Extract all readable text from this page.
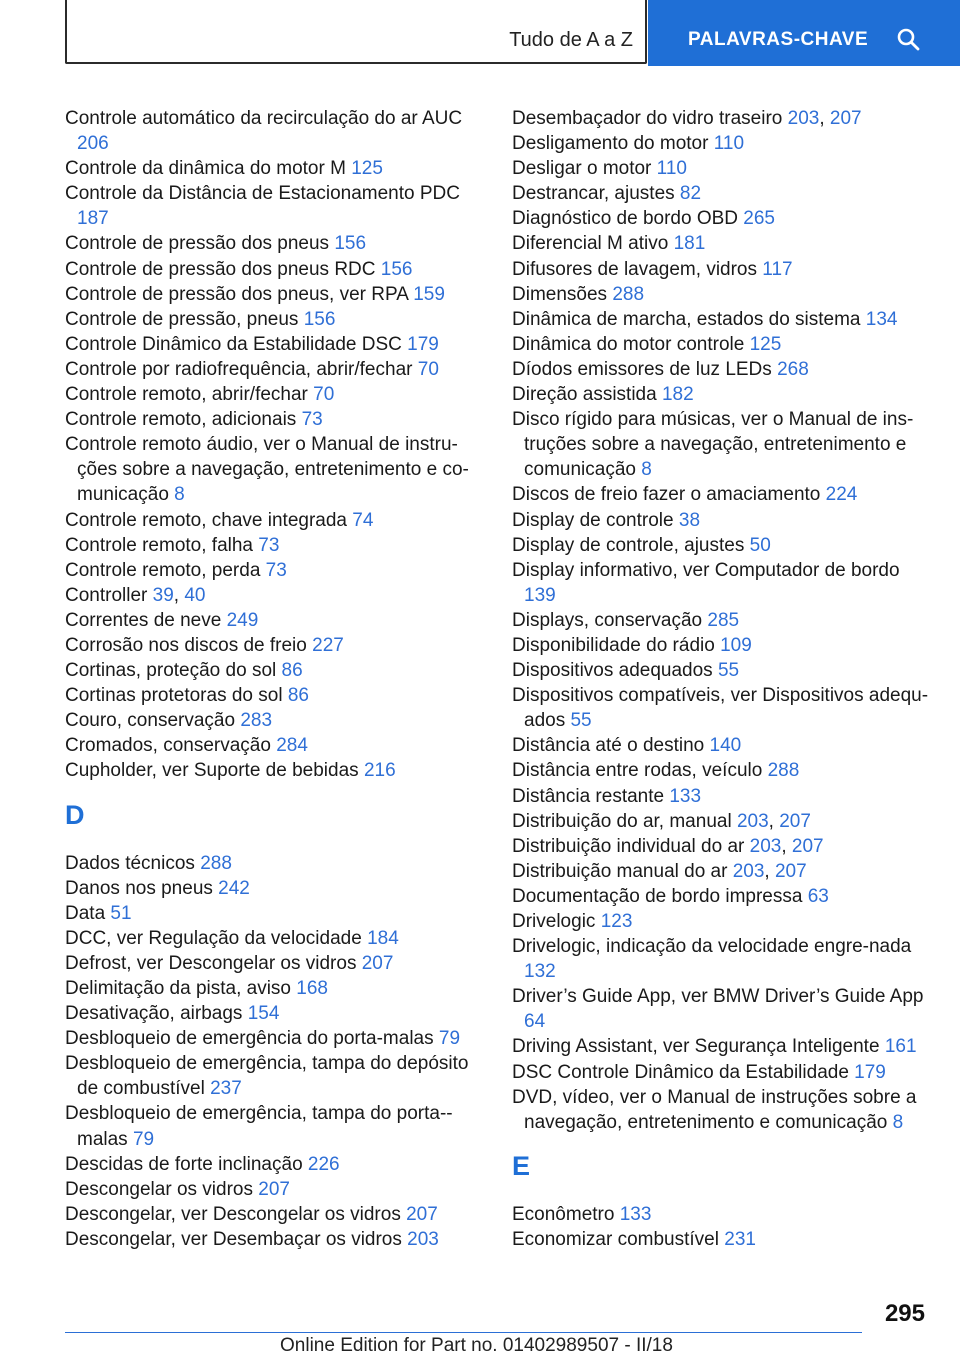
Tudo de A a Z	PALAVRAS-CHAVE
Controle automático da recirculação do ar AUC 206
Controle da dinâmica do motor M 125
Controle da Distância de Estacionamento PDC 187
Controle de pressão dos pneus 156
Controle de pressão dos pneus RDC 156
Controle de pressão dos pneus, ver RPA 159
Controle de pressão, pneus 156
Controle Dinâmico da Estabilidade DSC 179
Controle por radiofrequência, abrir/fechar 70
Controle remoto, abrir/fechar 70
Controle remoto, adicionais 73
Controle remoto áudio, ver o Manual de instru-ções sobre a navegação, entretenimento e co-municação 8
Controle remoto, chave integrada 74
Controle remoto, falha 73
Controle remoto, perda 73
Controller 39, 40
Correntes de neve 249
Corrosão nos discos de freio 227
Cortinas, proteção do sol 86
Cortinas protetoras do sol 86
Couro, conservação 283
Cromados, conservação 284
Cupholder, ver Suporte de bebidas 216
D
Dados técnicos 288
Danos nos pneus 242
Data 51
DCC, ver Regulação da velocidade 184
Defrost, ver Descongelar os vidros 207
Delimitação da pista, aviso 168
Desativação, airbags 154
Desbloqueio de emergência do porta-malas 79
Desbloqueio de emergência, tampa do depósito de combustível 237
Desbloqueio de emergência, tampa do porta--malas 79
Descidas de forte inclinação 226
Descongelar os vidros 207
Descongelar, ver Descongelar os vidros 207
Descongelar, ver Desembaçar os vidros 203
Desembaçador do vidro traseiro 203, 207
Desligamento do motor 110
Desligar o motor 110
Destrancar, ajustes 82
Diagnóstico de bordo OBD 265
Diferencial M ativo 181
Difusores de lavagem, vidros 117
Dimensões 288
Dinâmica de marcha, estados do sistema 134
Dinâmica do motor controle 125
Díodos emissores de luz LEDs 268
Direção assistida 182
Disco rígido para músicas, ver o Manual de ins-truções sobre a navegação, entretenimento e comunicação 8
Discos de freio fazer o amaciamento 224
Display de controle 38
Display de controle, ajustes 50
Display informativo, ver Computador de bordo 139
Displays, conservação 285
Disponibilidade do rádio 109
Dispositivos adequados 55
Dispositivos compatíveis, ver Dispositivos adequ-ados 55
Distância até o destino 140
Distância entre rodas, veículo 288
Distância restante 133
Distribuição do ar, manual 203, 207
Distribuição individual do ar 203, 207
Distribuição manual do ar 203, 207
Documentação de bordo impressa 63
Drivelogic 123
Drivelogic, indicação da velocidade engre-nada 132
Driver’s Guide App, ver BMW Driver’s Guide App 64
Driving Assistant, ver Segurança Inteligente 161
DSC Controle Dinâmico da Estabilidade 179
DVD, vídeo, ver o Manual de instruções sobre a navegação, entretenimento e comunicação 8
E
Econômetro 133
Economizar combustível 231
295
Online Edition for Part no. 01402989507 - II/18
